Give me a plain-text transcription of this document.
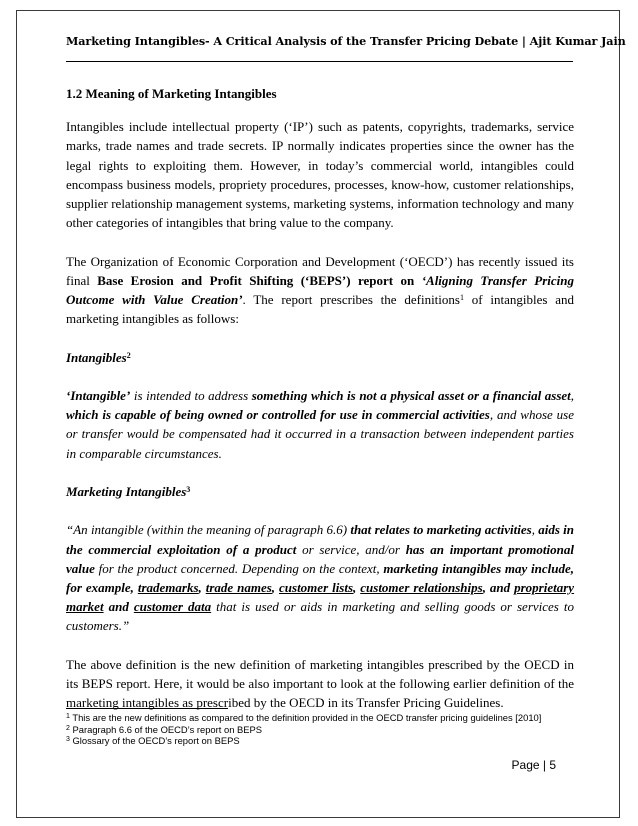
Marketing Intangibles- A Critical Analysis of the Transfer Pricing Debate | Ajit Kumar Jain

1.2 Meaning of Marketing Intangibles

Intangibles include intellectual property (‘IP’) such as patents, copyrights, trademarks, service marks, trade names and trade secrets. IP normally indicates properties since the owner has the legal rights to exploiting them. However, in today’s commercial world, intangibles could encompass business models, propriety procedures, processes, know-how, customer relationships, supplier relationship management systems, marketing systems, information technology and many other categories of intangibles that bring value to the company.

The Organization of Economic Corporation and Development (‘OECD’) has recently issued its final Base Erosion and Profit Shifting (‘BEPS’) report on ‘Aligning Transfer Pricing Outcome with Value Creation’. The report prescribes the definitions$^1$ of intangibles and marketing intangibles as follows:

Intangibles$^2$

‘Intangible’ is intended to address something which is not a physical asset or a financial asset, which is capable of being owned or controlled for use in commercial activities, and whose use or transfer would be compensated had it occurred in a transaction between independent parties in comparable circumstances.

Marketing Intangibles$^3$

“An intangible (within the meaning of paragraph 6.6) that relates to marketing activities, aids in the commercial exploitation of a product or service, and/or has an important promotional value for the product concerned. Depending on the context, marketing intangibles may include, for example, trademarks, trade names, customer lists, customer relationships, and proprietary market and customer data that is used or aids in marketing and selling goods or services to customers.”

The above definition is the new definition of marketing intangibles prescribed by the OECD in its BEPS report. Here, it would be also important to look at the following earlier definition of the marketing intangibles as prescribed by the OECD in its Transfer Pricing Guidelines.

$^1$ This are the new definitions as compared to the definition provided in the OECD transfer pricing guidelines [2010]
$^2$ Paragraph 6.6 of the OECD’s report on BEPS
$^3$ Glossary of the OECD’s report on BEPS
Page | 5
